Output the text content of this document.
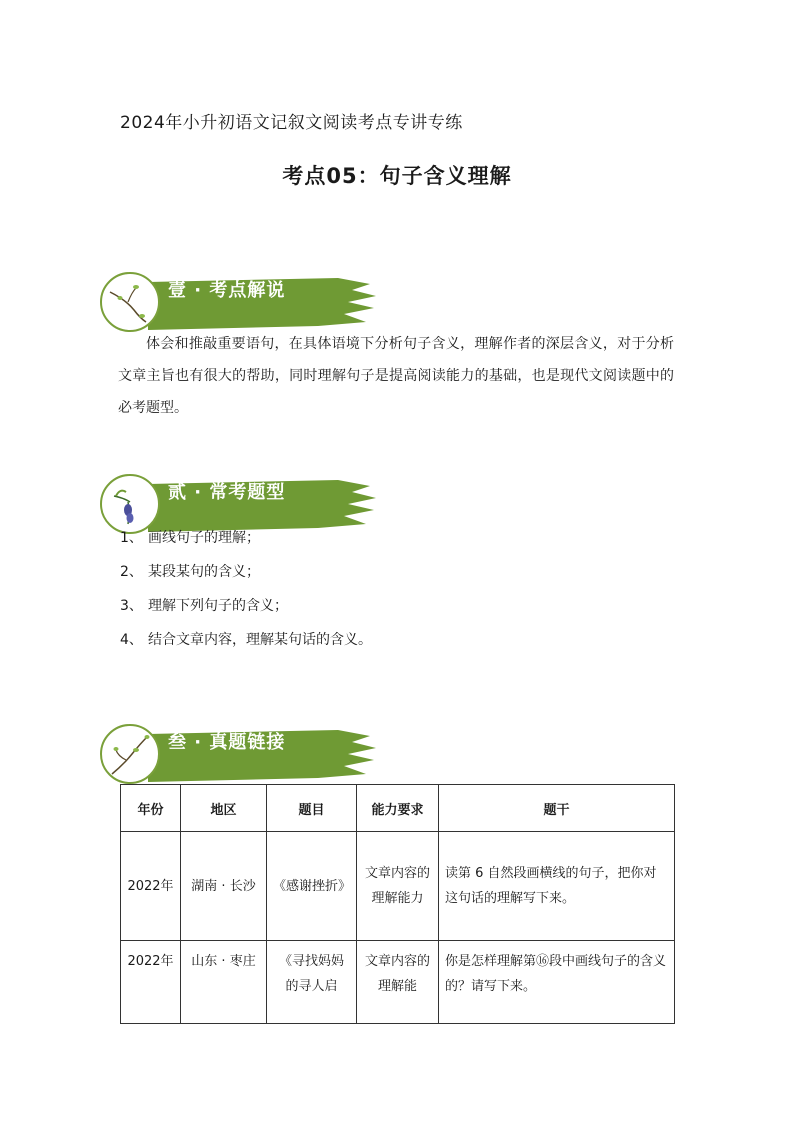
2024年小升初语文记叙文阅读考点专讲专练
考点05：句子含义理解
壹 · 考点解说
体会和推敲重要语句，在具体语境下分析句子含义，理解作者的深层含义，对于分析文章主旨也有很大的帮助，同时理解句子是提高阅读能力的基础，也是现代文阅读题中的必考题型。
贰 · 常考题型
1、 画线句子的理解；
2、 某段某句的含义；
3、 理解下列句子的含义；
4、 结合文章内容，理解某句话的含义。
叁 · 真题链接
年份	地区	题目	能力要求	题干
2022年	湖南 · 长沙	《感谢挫折》	文章内容的理解能力	读第 6 自然段画横线的句子，把你对这句话的理解写下来。
2022年	山东 · 枣庄	《寻找妈妈的寻人启	文章内容的理解能	你是怎样理解第⑯段中画线句子的含义的？请写下来。
